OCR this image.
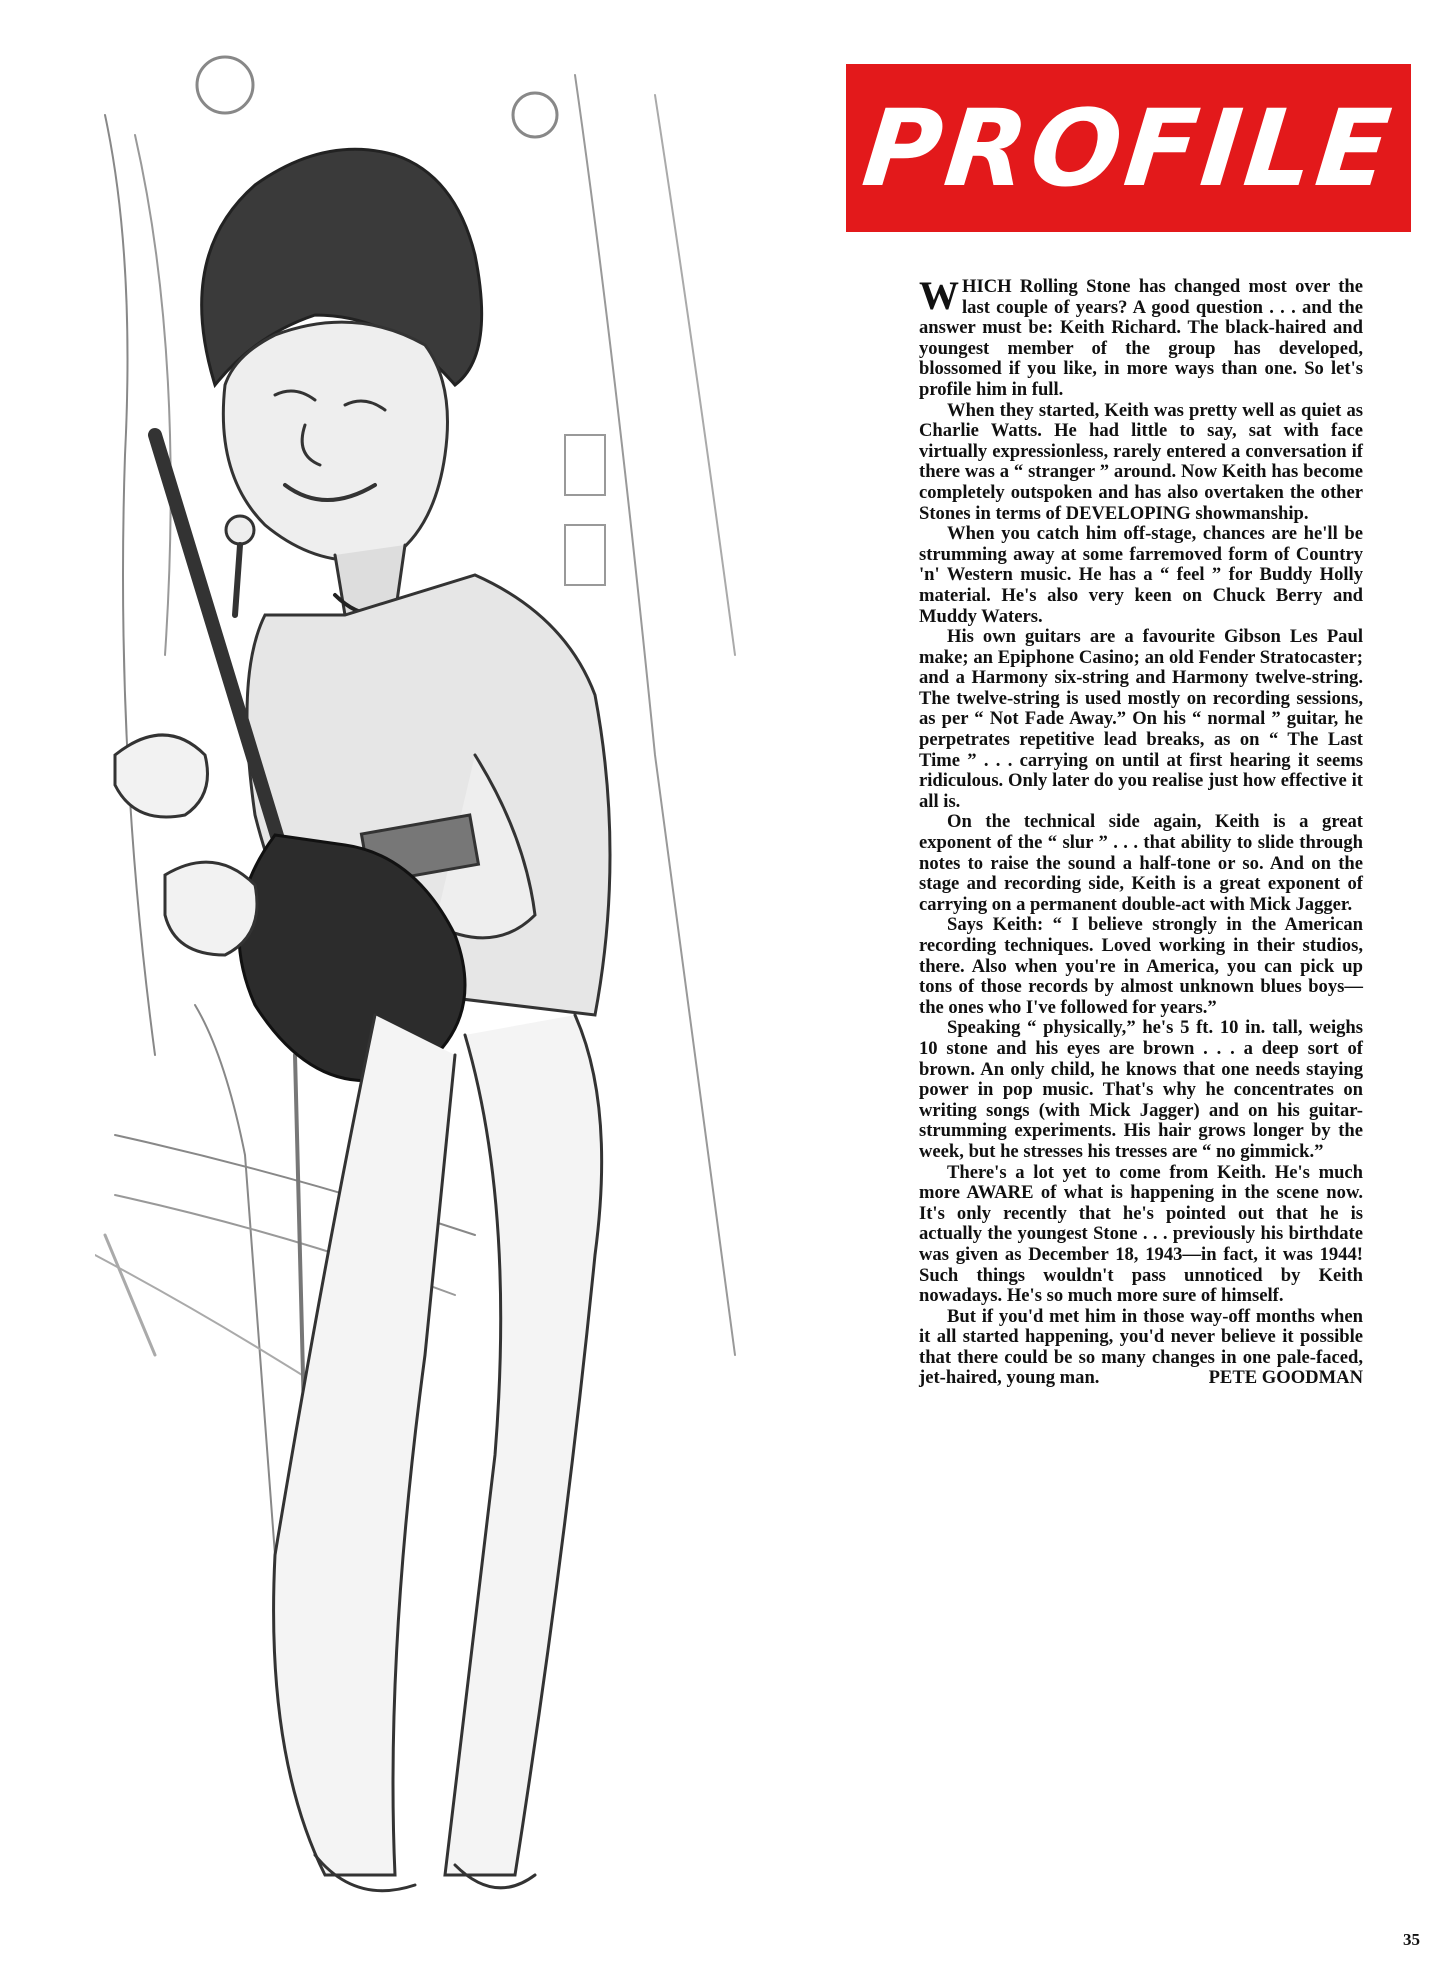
PROFILE

WHICH Rolling Stone has changed most over the last couple of years? A good question . . . and the answer must be: Keith Richard. The black-haired and youngest member of the group has developed, blossomed if you like, in more ways than one. So let's profile him in full.

When they started, Keith was pretty well as quiet as Charlie Watts. He had little to say, sat with face virtually expressionless, rarely entered a conversation if there was a “ stranger ” around. Now Keith has become completely outspoken and has also overtaken the other Stones in terms of DEVELOPING showmanship.

When you catch him off-stage, chances are he'll be strumming away at some farremoved form of Country 'n' Western music. He has a “ feel ” for Buddy Holly material. He's also very keen on Chuck Berry and Muddy Waters.

His own guitars are a favourite Gibson Les Paul make; an Epiphone Casino; an old Fender Stratocaster; and a Harmony six-string and Harmony twelve-string. The twelve-string is used mostly on recording sessions, as per “ Not Fade Away.” On his “ normal ” guitar, he perpetrates repetitive lead breaks, as on “ The Last Time ” . . . carrying on until at first hearing it seems ridiculous. Only later do you realise just how effective it all is.

On the technical side again, Keith is a great exponent of the “ slur ” . . . that ability to slide through notes to raise the sound a half-tone or so. And on the stage and recording side, Keith is a great exponent of carrying on a permanent double-act with Mick Jagger.

Says Keith: “ I believe strongly in the American recording techniques. Loved working in their studios, there. Also when you're in America, you can pick up tons of those records by almost unknown blues boys—the ones who I've followed for years.”

Speaking “ physically,” he's 5 ft. 10 in. tall, weighs 10 stone and his eyes are brown . . . a deep sort of brown. An only child, he knows that one needs staying power in pop music. That's why he concentrates on writing songs (with Mick Jagger) and on his guitar-strumming experiments. His hair grows longer by the week, but he stresses his tresses are “ no gimmick.”

There's a lot yet to come from Keith. He's much more AWARE of what is happening in the scene now. It's only recently that he's pointed out that he is actually the youngest Stone . . . previously his birthdate was given as December 18, 1943—in fact, it was 1944! Such things wouldn't pass unnoticed by Keith nowadays. He's so much more sure of himself.

But if you'd met him in those way-off months when it all started happening, you'd never believe it possible that there could be so many changes in one pale-faced, jet-haired, young man.	PETE GOODMAN

35
